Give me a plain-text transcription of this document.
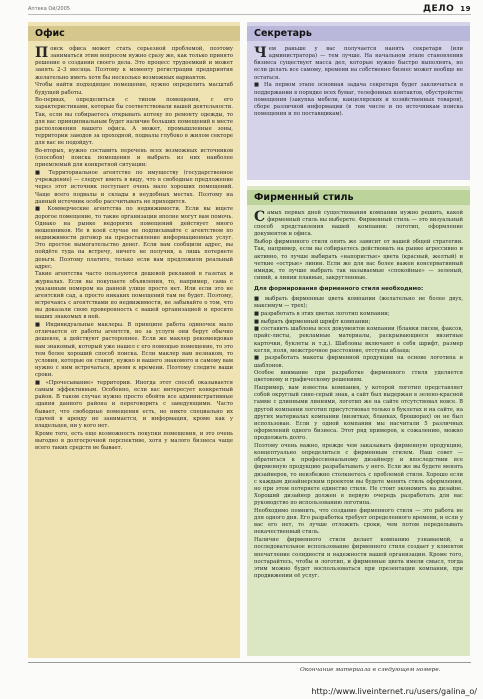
Аптека Ой/2005	ДЕЛО 19
Офис
П оиск офиса может стать серьезной проблемой, поэтому заниматься этим вопросом нужно сразу же, как только принято решение о создании своего дела. Это процесс трудоемкий и может занять 2–3 месяца. Поэтому к моменту регистрации предприятия желательно иметь хотя бы несколько возможных вариантов.

Чтобы найти подходящее помещение, нужно определить масштаб будущей работы.

Во-первых, определиться с типом помещения, с его характеристиками, которые бы соответствовали вашей деятельности. Так, если вы собираетесь открывать аптеку по ремонту одежды, то для вас принципиальным будет наличие больших помещений в месте расположения вашего офиса. А может, промышленные зоны, территории заводов за проходной, подвалы глубоко в жилом секторе для вас не подойдут.

Во-вторых, нужно составить перечень всех возможных источников (способов) поиска помещения и выбрать из них наиболее приемлемый для конкретной ситуации:

■ Территориальное агентство по имуществу (государственное учреждение) — следует иметь в виду, что в свободные предложение через этот источник поступает очень мало хороших помещений. Чаще всего подвалы и склады в неудобных местах. Поэтому на данный источник особо рассчитывать не приходится.

■ Коммерческие агентства по недвижимости. Если вы ищете дорогое помещение, то такие организации вполне могут вам помочь. Однако на рынке недорогих помещений действует много мошенников. Не в коей случае не подписывайте с агентством по недвижимости договор на предоставление информационных услуг. Это простое вымогательство денег. Если вам сообщили адрес, вы пойдёте туда на встречу, ничего не получив, а лишь потеряете деньги. Поэтому платите, только если вам предложили реальный адрес.

Такие агентства часто пользуются дешевой рекламой в газетах и журналах. Если вы покупаете объявления, то, например, сама с указанным номером на данной улице просто нет. Или если это не агентский сад, а просто никаких помещений там не будет. Поэтому, встречаясь с агентствами по недвижимости, не забывайте о том, что вы доказали свою проверенность с вашей организацией и просите ваших знакомых в ней.

■ Индивидуальные маклеры. В принципе работа одиночек мало отличается от работы агентств, но за услуги они берут обычно дешевле, а действуют расторопнее. Если же маклер рекомендован вам знакомый, который уже нашел с его помощью помещение, то это тем более хороший способ поиска. Если маклер вам незнаком, то условия, которые он ставит, нужно и вашего знакомого и самому вам нужно с ним встречаться, время к времени. Поэтому следите ваши сроки.

■ «Прочесывание» территории. Иногда этот способ оказывается самым эффективным. Особенно, если вас интересует конкретный район. В таком случае нужно просто обойти все административные здания данного района и переговорить с заведующими. Часто бывает, что свободные помещения есть, но никто специально их сдачей в аренду не занимается, и информация, кроме как у владельцев, ни у кого нет.

Кроме того, есть еще возможность покупки помещения, и это очень выгодно в долгосрочной перспективе, хотя у малого бизнеса чаще всего таких средств не бывает.

Секретарь
Ч ем раньше у вас получается нанять секретаря (или администратора) — тем лучше. На начальном этапе становления бизнеса существует масса дел, которые нужно быстро выполнять, но если делать все самому, времени на собственно бизнес может вообще не остаться.

■ На первом этапе основная задача секретаря будет заключаться в поддержании в порядке всех бумаг, телефонных контактов, обустройстве помещения (закупка мебели, канцелярских и хозяйственных товаров), сборе различной информации (в том числе и по источникам поиска помещения и по поставщикам).

Фирменный стиль
С амых первых дней существования компании нужно решить, какой фирменный стиль вы выберете. Фирменный стиль — это визуальный способ представления вашей компании: логотип, оформление документов и офиса.

Выбор фирменного стиля опять же зависит от вашей общей стратегии. Так, например, если вы собираетесь действовать на рынке агрессивно и активно, то лучше выбирать «напористые» цвета (красный, желтый) и четкие «острые» линии. Если же для вас более важен консервативный имидж, то лучше выбрать так называемые «спокойные» — зеленый, синий, а линии плавные, закругленные.

Для формирования фирменного стиля необходимо:

■ выбрать фирменные цвета компании (желательно не более двух, максимум — трех);

■ разработать в этих цветах логотип компании;

■ выбрать фирменный шрифт компании;

■ составить шаблоны всех документов компании (бланки писем, факсов, прайс-листы, рекламные материалы, раскрывающиеся визитные карточки, буклеты и т.д.). Шаблоны включают в себя шрифт, размер кегля, поля, межстрочное расстояние, отступы абзаца;

■ разработать макеты фирменной продукции на основе логотипа и шаблонов.

Особое внимание при разработке фирменного стиля уделяется цветовому и графическому решениям.

Например, вам известна компания, у которой логотип представляет собой округлый сине-серый знак, а сайт был выдержан в зелено-красной гамме с длинными линиями, логотип же на сайте отсутствовал вовсе. В другой компании логотип присутствовал только в буклетах и на сайте, на других материалах компании (визитках, бланках, брошюрах) он не был использован. Если у одной компании мы насчитали 5 различных оформлений одного бизнеса. Этот ряд примеров, к сожалению, можно продолжать долго.

Поэтому очень важно, прежде чем заказывать фирменную продукцию, концептуально определиться с фирменным стилем. Наш совет — обратиться к профессиональному дизайнеру и впоследствии все фирменную продукцию разрабатывать у него. Если же вы будете менять дизайнеров, то неизбежно столкнетесь с проблемой стиля. Хорошо если с каждым дизайнерским проектом вы будете менять стиль оформления, но при этом потеряете единство стиля. Не стоит экономить на дизайне. Хороший дизайнер должен в первую очередь разработать для вас руководство по использованию логотипа.

Необходимо помнить, что создание фирменного стиля — это работа не для одного дня. Его разработка требует определенного времени, и если у вас его нет, то лучше отложить сроки, чем потом переделывать некачественный стиль.

Наличие фирменного стиля делает компанию узнаваемой, а последовательное использование фирменного стиля создает у клиентов впечатление солидности и надежности вашей организации. Кроме того, постарайтесь, чтобы и логотип, и фирменные цвета имели смысл, тогда этим можно будет воспользоваться при презентации компании, при продвижении её услуг.

Окончание материала в следующем номере.
http://www.liveinternet.ru/users/galina_o/
